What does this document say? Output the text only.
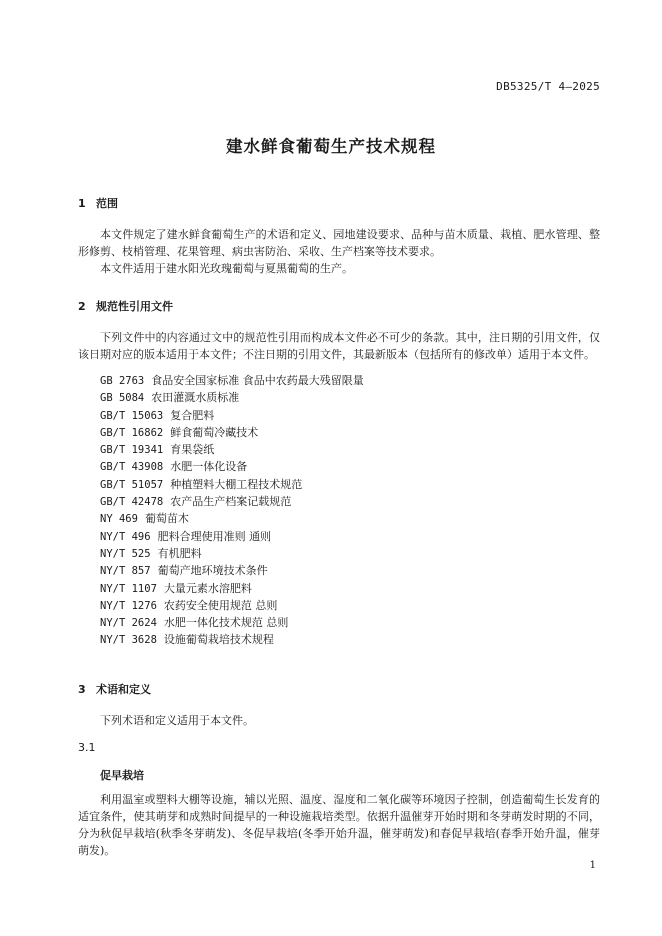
DB5325/T 4—2025
建水鲜食葡萄生产技术规程
1 范围
本文件规定了建水鲜食葡萄生产的术语和定义、园地建设要求、品种与苗木质量、栽植、肥水管理、整形修剪、枝梢管理、花果管理、病虫害防治、采收、生产档案等技术要求。
本文件适用于建水阳光玫瑰葡萄与夏黑葡萄的生产。
2 规范性引用文件
下列文件中的内容通过文中的规范性引用而构成本文件必不可少的条款。其中，注日期的引用文件，仅该日期对应的版本适用于本文件；不注日期的引用文件，其最新版本（包括所有的修改单）适用于本文件。
GB 2763 食品安全国家标准 食品中农药最大残留限量
GB 5084 农田灌溉水质标准
GB/T 15063 复合肥料
GB/T 16862 鲜食葡萄冷藏技术
GB/T 19341 育果袋纸
GB/T 43908 水肥一体化设备
GB/T 51057 种植塑料大棚工程技术规范
GB/T 42478 农产品生产档案记载规范
NY 469 葡萄苗木
NY/T 496 肥料合理使用准则 通则
NY/T 525 有机肥料
NY/T 857 葡萄产地环境技术条件
NY/T 1107 大量元素水溶肥料
NY/T 1276 农药安全使用规范 总则
NY/T 2624 水肥一体化技术规范 总则
NY/T 3628 设施葡萄栽培技术规程
3 术语和定义
下列术语和定义适用于本文件。
3.1
促早栽培
利用温室或塑料大棚等设施，辅以光照、温度、湿度和二氧化碳等环境因子控制，创造葡萄生长发育的适宜条件，使其萌芽和成熟时间提早的一种设施栽培类型。依据升温催芽开始时期和冬芽萌发时期的不同，分为秋促早栽培(秋季冬芽萌发)、冬促早栽培(冬季开始升温，催芽萌发)和春促早栽培(春季开始升温，催芽萌发)。
1
